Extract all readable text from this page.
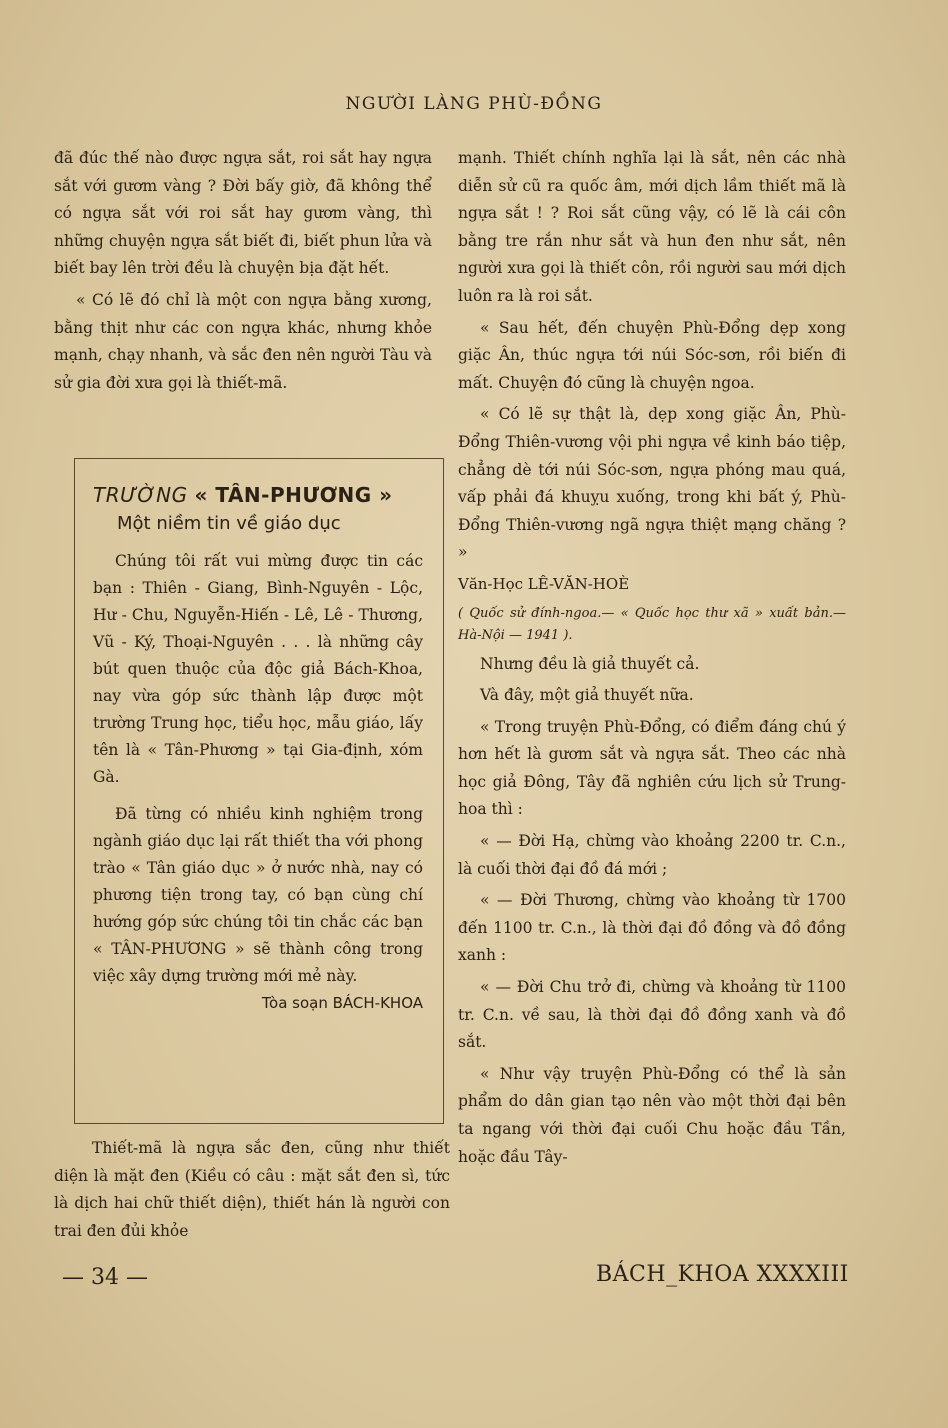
NGƯỜI LÀNG PHÙ-ĐỒNG

đã đúc thế nào được ngựa sắt, roi sắt hay ngựa sắt với gươm vàng ? Đời bấy giờ, đã không thể có ngựa sắt với roi sắt hay gươm vàng, thì những chuyện ngựa sắt biết đi, biết phun lửa và biết bay lên trời đều là chuyện bịa đặt hết.

« Có lẽ đó chỉ là một con ngựa bằng xương, bằng thịt như các con ngựa khác, nhưng khỏe mạnh, chạy nhanh, và sắc đen nên người Tàu và sử gia đời xưa gọi là thiết-mã.

TRƯỜNG « TÂN-PHƯƠNG »
Một niềm tin về giáo dục

Chúng tôi rất vui mừng được tin các bạn : Thiên - Giang, Bình-Nguyên - Lộc, Hư - Chu, Nguyễn-Hiến - Lê, Lê - Thương, Vũ - Ký, Thoại-Nguyên . . . là những cây bút quen thuộc của độc giả Bách-Khoa, nay vừa góp sức thành lập được một trường Trung học, tiểu học, mẫu giáo, lấy tên là « Tân-Phương » tại Gia-định, xóm Gà.

Đã từng có nhiều kinh nghiệm trong ngành giáo dục lại rất thiết tha với phong trào « Tân giáo dục » ở nước nhà, nay có phương tiện trong tay, có bạn cùng chí hướng góp sức chúng tôi tin chắc các bạn « TÂN-PHƯƠNG » sẽ thành công trong việc xây dựng trường mới mẻ này.

Tòa soạn BÁCH-KHOA

Thiết-mã là ngựa sắc đen, cũng như thiết diện là mặt đen (Kiều có câu : mặt sắt đen sì, tức là dịch hai chữ thiết diện), thiết hán là người con trai đen đủi khỏe

mạnh. Thiết chính nghĩa lại là sắt, nên các nhà diễn sử cũ ra quốc âm, mới dịch lầm thiết mã là ngựa sắt ! ? Roi sắt cũng vậy, có lẽ là cái côn bằng tre rắn như sắt và hun đen như sắt, nên người xưa gọi là thiết côn, rồi người sau mới dịch luôn ra là roi sắt.

« Sau hết, đến chuyện Phù-Đổng dẹp xong giặc Ân, thúc ngựa tới núi Sóc-sơn, rồi biến đi mất. Chuyện đó cũng là chuyện ngoa.

« Có lẽ sự thật là, dẹp xong giặc Ân, Phù-Đổng Thiên-vương vội phi ngựa về kinh báo tiệp, chẳng dè tới núi Sóc-sơn, ngựa phóng mau quá, vấp phải đá khuỵu xuống, trong khi bất ý, Phù-Đổng Thiên-vương ngã ngựa thiệt mạng chăng ? »

Văn-Học LÊ-VĂN-HOÈ

( Quốc sử đính-ngoa.— « Quốc học thư xã » xuất bản.— Hà-Nội — 1941 ).

Nhưng đều là giả thuyết cả.

Và đây, một giả thuyết nữa.

« Trong truyện Phù-Đổng, có điểm đáng chú ý hơn hết là gươm sắt và ngựa sắt. Theo các nhà học giả Đông, Tây đã nghiên cứu lịch sử Trung-hoa thì :

« — Đời Hạ, chừng vào khoảng 2200 tr. C.n., là cuối thời đại đồ đá mới ;

« — Đời Thương, chừng vào khoảng từ 1700 đến 1100 tr. C.n., là thời đại đồ đồng và đồ đồng xanh :

« — Đời Chu trở đi, chừng và khoảng từ 1100 tr. C.n. về sau, là thời đại đồ đồng xanh và đồ sắt.

« Như vậy truyện Phù-Đổng có thể là sản phẩm do dân gian tạo nên vào một thời đại bên ta ngang với thời đại cuối Chu hoặc đầu Tần, hoặc đầu Tây-

— 34 —	BÁCH_KHOA XXXXIII
